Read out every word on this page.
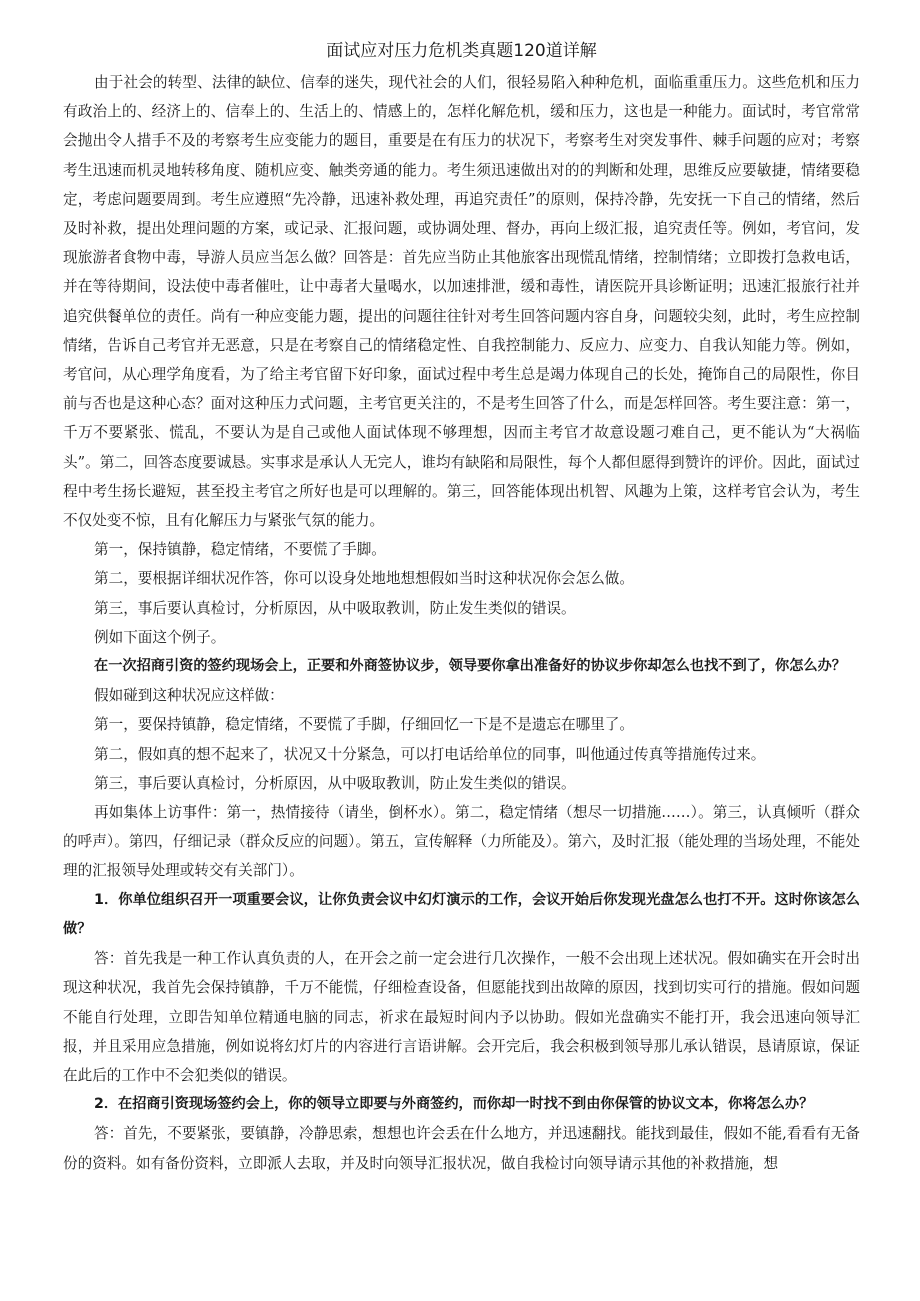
面试应对压力危机类真题120道详解

由于社会的转型、法律的缺位、信奉的迷失，现代社会的人们，很轻易陷入种种危机，面临重重压力。这些危机和压力有政治上的、经济上的、信奉上的、生活上的、情感上的，怎样化解危机，缓和压力，这也是一种能力。面试时，考官常常会抛出令人措手不及的考察考生应变能力的题目，重要是在有压力的状况下，考察考生对突发事件、棘手问题的应对；考察考生迅速而机灵地转移角度、随机应变、触类旁通的能力。考生须迅速做出对的的判断和处理，思维反应要敏捷，情绪要稳定，考虑问题要周到。考生应遵照“先冷静，迅速补救处理，再追究责任”的原则，保持冷静，先安抚一下自己的情绪，然后及时补救，提出处理问题的方案，或记录、汇报问题，或协调处理、督办，再向上级汇报，追究责任等。例如，考官问，发现旅游者食物中毒，导游人员应当怎么做？回答是：首先应当防止其他旅客出现慌乱情绪，控制情绪；立即拨打急救电话，并在等待期间，设法使中毒者催吐，让中毒者大量喝水，以加速排泄，缓和毒性，请医院开具诊断证明；迅速汇报旅行社并追究供餐单位的责任。尚有一种应变能力题，提出的问题往往针对考生回答问题内容自身，问题较尖刻，此时，考生应控制情绪，告诉自己考官并无恶意，只是在考察自己的情绪稳定性、自我控制能力、反应力、应变力、自我认知能力等。例如，考官问，从心理学角度看，为了给主考官留下好印象，面试过程中考生总是竭力体现自己的长处，掩饰自己的局限性，你目前与否也是这种心态？面对这种压力式问题，主考官更关注的，不是考生回答了什么，而是怎样回答。考生要注意：第一，千万不要紧张、慌乱，不要认为是自己或他人面试体现不够理想，因而主考官才故意设题刁难自己，更不能认为“大祸临头”。第二，回答态度要诚恳。实事求是承认人无完人，谁均有缺陷和局限性，每个人都但愿得到赞许的评价。因此，面试过程中考生扬长避短，甚至投主考官之所好也是可以理解的。第三，回答能体现出机智、风趣为上策，这样考官会认为，考生不仅处变不惊，且有化解压力与紧张气氛的能力。

第一，保持镇静，稳定情绪，不要慌了手脚。

第二，要根据详细状况作答，你可以设身处地地想想假如当时这种状况你会怎么做。

第三，事后要认真检讨，分析原因，从中吸取教训，防止发生类似的错误。

例如下面这个例子。

在一次招商引资的签约现场会上，正要和外商签协议步，领导要你拿出准备好的协议步你却怎么也找不到了，你怎么办？

假如碰到这种状况应这样做：

第一，要保持镇静，稳定情绪，不要慌了手脚，仔细回忆一下是不是遗忘在哪里了。

第二，假如真的想不起来了，状况又十分紧急，可以打电话给单位的同事，叫他通过传真等措施传过来。

第三，事后要认真检讨，分析原因，从中吸取教训，防止发生类似的错误。

再如集体上访事件：第一，热情接待（请坐，倒杯水）。第二，稳定情绪（想尽一切措施……）。第三，认真倾听（群众的呼声）。第四，仔细记录（群众反应的问题）。第五，宣传解释（力所能及）。第六，及时汇报（能处理的当场处理，不能处理的汇报领导处理或转交有关部门）。

1．你单位组织召开一项重要会议，让你负责会议中幻灯演示的工作，会议开始后你发现光盘怎么也打不开。这时你该怎么做？

答：首先我是一种工作认真负责的人，在开会之前一定会进行几次操作，一般不会出现上述状况。假如确实在开会时出现这种状况，我首先会保持镇静，千万不能慌，仔细检查设备，但愿能找到出故障的原因，找到切实可行的措施。假如问题不能自行处理，立即告知单位精通电脑的同志，祈求在最短时间内予以协助。假如光盘确实不能打开，我会迅速向领导汇报，并且采用应急措施，例如说将幻灯片的内容进行言语讲解。会开完后，我会积极到领导那儿承认错误，恳请原谅，保证在此后的工作中不会犯类似的错误。

2．在招商引资现场签约会上，你的领导立即要与外商签约，而你却一时找不到由你保管的协议文本，你将怎么办？

答：首先，不要紧张，要镇静，冷静思索，想想也许会丢在什么地方，并迅速翻找。能找到最佳，假如不能,看看有无备份的资料。如有备份资料，立即派人去取，并及时向领导汇报状况，做自我检讨向领导请示其他的补救措施，想
